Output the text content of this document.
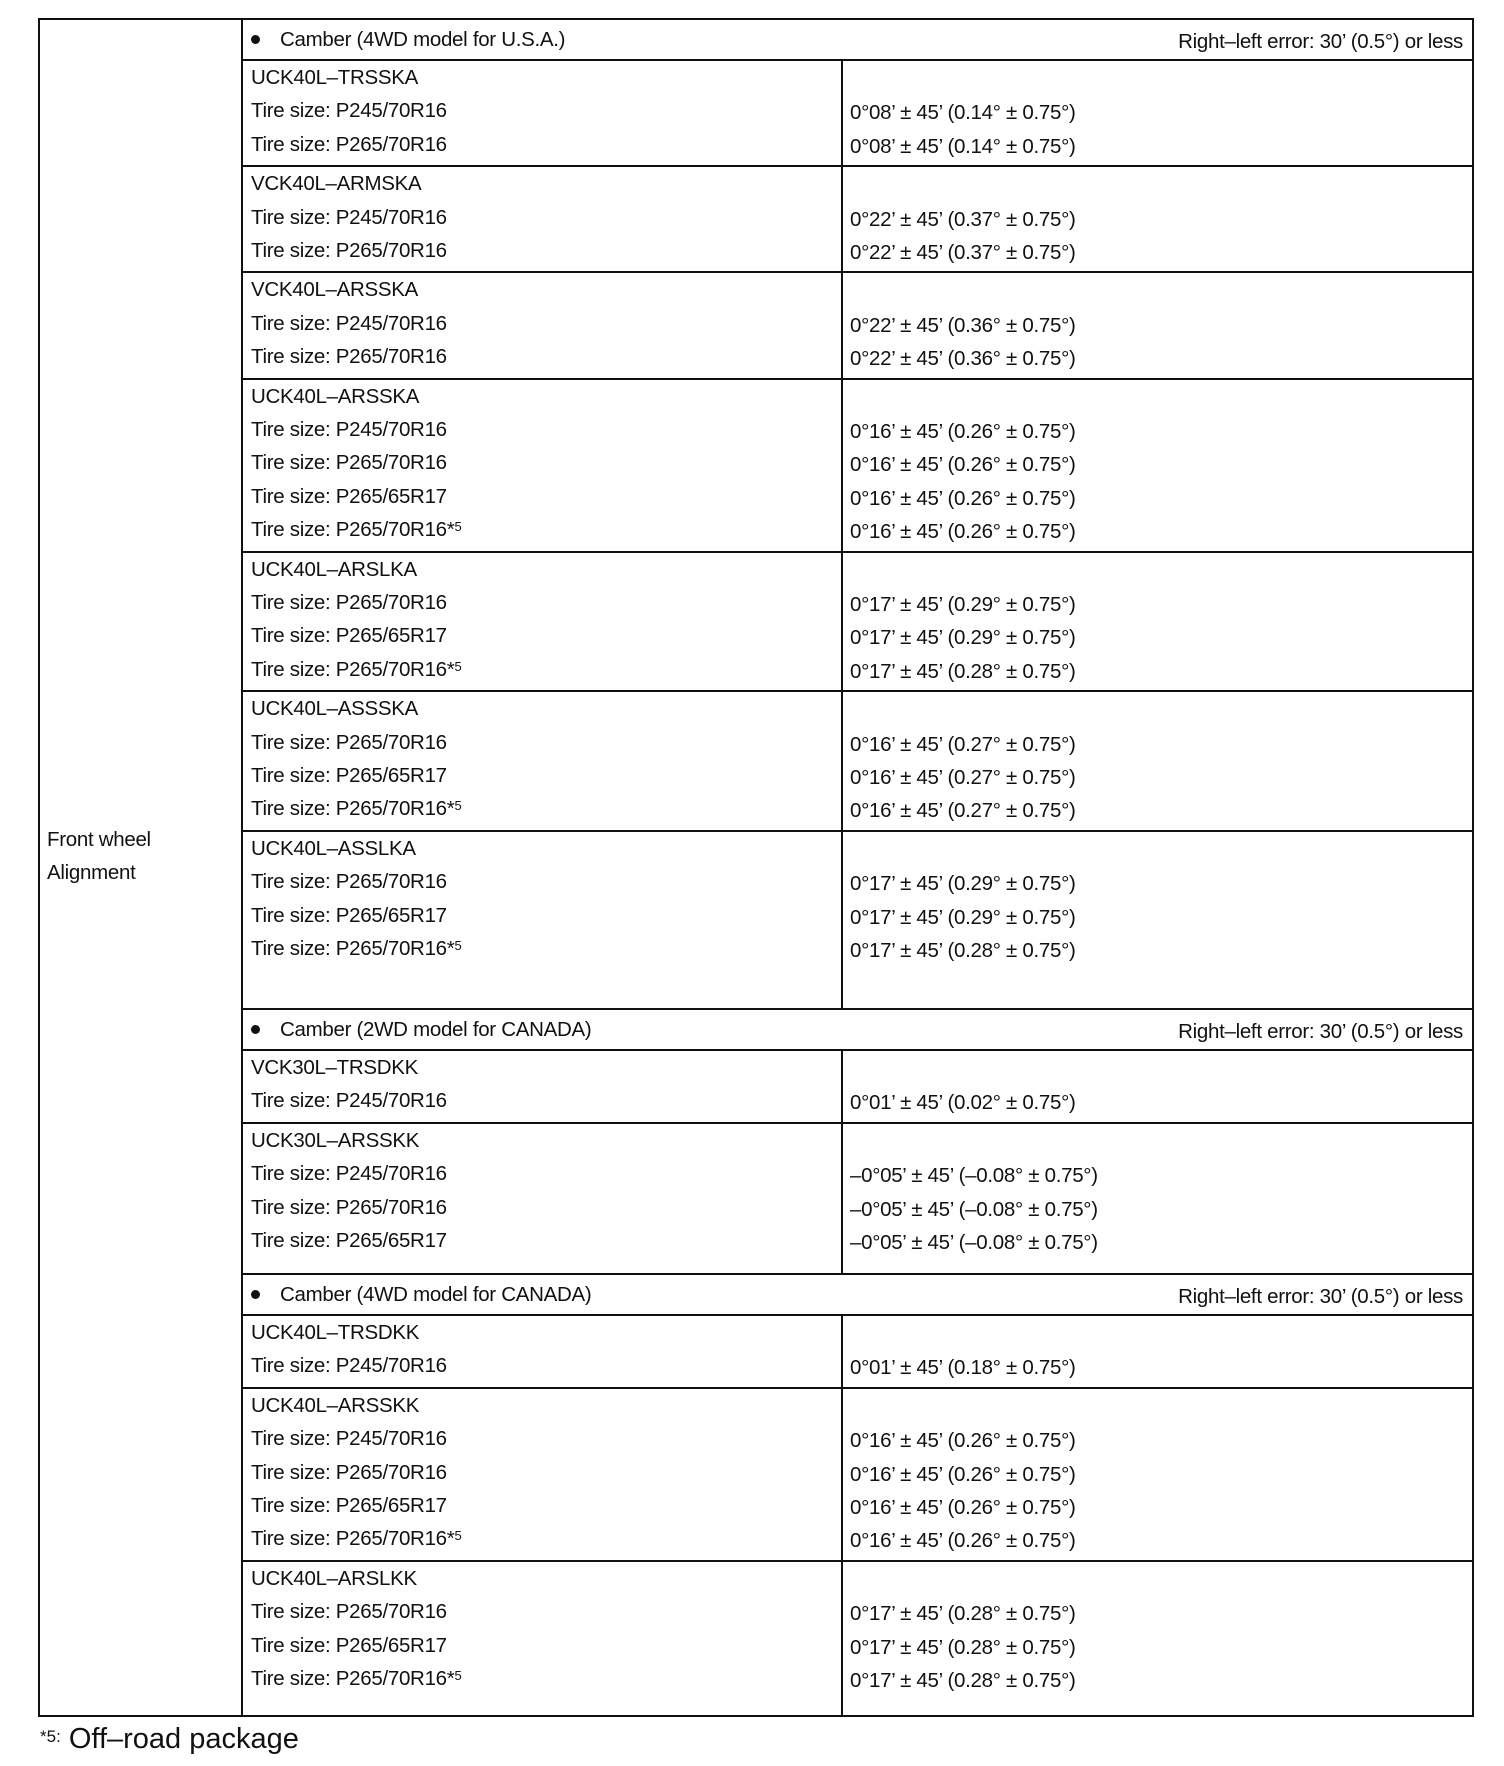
Front wheel
Alignment
$^{*5:}$ Off–road package
Camber (4WD model for U.S.A.)	Right–left error: 30’ (0.5°) or less
UCK40L–TRSSKA
Tire size: P245/70R16	0°08’ ± 45’ (0.14° ± 0.75°)
Tire size: P265/70R16	0°08’ ± 45’ (0.14° ± 0.75°)
VCK40L–ARMSKA
Tire size: P245/70R16	0°22’ ± 45’ (0.37° ± 0.75°)
Tire size: P265/70R16	0°22’ ± 45’ (0.37° ± 0.75°)
VCK40L–ARSSKA
Tire size: P245/70R16	0°22’ ± 45’ (0.36° ± 0.75°)
Tire size: P265/70R16	0°22’ ± 45’ (0.36° ± 0.75°)
UCK40L–ARSSKA
Tire size: P245/70R16	0°16’ ± 45’ (0.26° ± 0.75°)
Tire size: P265/70R16	0°16’ ± 45’ (0.26° ± 0.75°)
Tire size: P265/65R17	0°16’ ± 45’ (0.26° ± 0.75°)
Tire size: P265/70R16*$^5$	0°16’ ± 45’ (0.26° ± 0.75°)
UCK40L–ARSLKA
Tire size: P265/70R16	0°17’ ± 45’ (0.29° ± 0.75°)
Tire size: P265/65R17	0°17’ ± 45’ (0.29° ± 0.75°)
Tire size: P265/70R16*$^5$	0°17’ ± 45’ (0.28° ± 0.75°)
UCK40L–ASSSKA
Tire size: P265/70R16	0°16’ ± 45’ (0.27° ± 0.75°)
Tire size: P265/65R17	0°16’ ± 45’ (0.27° ± 0.75°)
Tire size: P265/70R16*$^5$	0°16’ ± 45’ (0.27° ± 0.75°)
UCK40L–ASSLKA
Tire size: P265/70R16	0°17’ ± 45’ (0.29° ± 0.75°)
Tire size: P265/65R17	0°17’ ± 45’ (0.29° ± 0.75°)
Tire size: P265/70R16*$^5$	0°17’ ± 45’ (0.28° ± 0.75°)
Camber (2WD model for CANADA)	Right–left error: 30’ (0.5°) or less
VCK30L–TRSDKK
Tire size: P245/70R16	0°01’ ± 45’ (0.02° ± 0.75°)
UCK30L–ARSSKK
Tire size: P245/70R16	–0°05’ ± 45’ (–0.08° ± 0.75°)
Tire size: P265/70R16	–0°05’ ± 45’ (–0.08° ± 0.75°)
Tire size: P265/65R17	–0°05’ ± 45’ (–0.08° ± 0.75°)
Camber (4WD model for CANADA)	Right–left error: 30’ (0.5°) or less
UCK40L–TRSDKK
Tire size: P245/70R16	0°01’ ± 45’ (0.18° ± 0.75°)
UCK40L–ARSSKK
Tire size: P245/70R16	0°16’ ± 45’ (0.26° ± 0.75°)
Tire size: P265/70R16	0°16’ ± 45’ (0.26° ± 0.75°)
Tire size: P265/65R17	0°16’ ± 45’ (0.26° ± 0.75°)
Tire size: P265/70R16*$^5$	0°16’ ± 45’ (0.26° ± 0.75°)
UCK40L–ARSLKK
Tire size: P265/70R16	0°17’ ± 45’ (0.28° ± 0.75°)
Tire size: P265/65R17	0°17’ ± 45’ (0.28° ± 0.75°)
Tire size: P265/70R16*$^5$	0°17’ ± 45’ (0.28° ± 0.75°)
